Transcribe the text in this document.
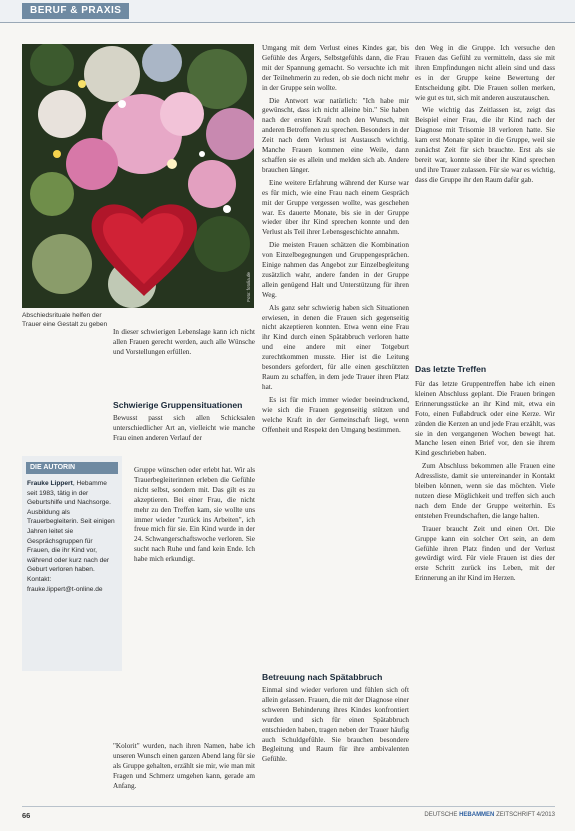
BERUF & PRAXIS
Foto: fotolia.de
Abschiedsrituale helfen der Trauer eine Gestalt zu geben

In dieser schwierigen Lebenslage kann ich nicht allen Frauen gerecht werden, auch alle Wünsche und Vorstellungen erfüllen.

Schwierige Gruppensituationen

Bewusst passt sich allen Schicksalen unterschiedlicher Art an, vielleicht wie manche Frau einen anderen Verlauf der

DIE AUTORIN
Frauke Lippert, Hebamme seit 1983, tätig in der Geburtshilfe und Nachsorge. Ausbildung als Trauerbegleiterin. Seit einigen Jahren leitet sie Gesprächsgruppen für Frauen, die ihr Kind vor, während oder kurz nach der Geburt verloren haben.
Kontakt:
frauke.lippert@t-online.de

Gruppe wünschen oder erlebt hat. Wir als Trauerbegleiterinnen erleben die Gefühle nicht selbst, sondern mit. Das gilt es zu akzeptieren. Bei einer Frau, die nicht mehr zu den Treffen kam, sie wollte uns immer wieder "zurück ins Arbeiten", ich freue mich für sie. Ein Kind wurde in der 24. Schwangerschaftswoche verloren. Sie sucht nach Ruhe und fand kein Ende. Ich habe mich erkundigt.

"Kolorit" wurden, nach ihren Namen, habe ich unseren Wunsch einen ganzen Abend lang für sie als Gruppe gehalten, erzählt sie mir, wie man mit Fragen und Schmerz umgehen kann, gerade am Anfang.

Umgang mit dem Verlust eines Kindes gar, bis Gefühle des Ärgers, Selbstgefühls dann, die Frau mit der Spannung gemacht. So versuchte ich mit der Teilnehmerin zu reden, ob sie doch nicht mehr in der Gruppe sein wollte.

Die Antwort war natürlich: "Ich habe mir gewünscht, dass ich nicht alleine bin." Sie haben nach der ersten Kraft noch den Wunsch, mit anderen Betroffenen zu sprechen. Besonders in der Zeit nach dem Verlust ist Austausch wichtig. Manche Frauen kommen eine Weile, dann schaffen sie es allein und melden sich ab. Andere brauchen länger.

Eine weitere Erfahrung während der Kurse war es für mich, wie eine Frau nach einem Gespräch mit der Gruppe vergessen wollte, was geschehen war. Es dauerte Monate, bis sie in der Gruppe wieder über ihr Kind sprechen konnte und den Verlust als Teil ihrer Lebensgeschichte annahm.

Die meisten Frauen schätzen die Kombination von Einzelbegegnungen und Gruppengesprächen. Einige nahmen das Angebot zur Einzelbegleitung zusätzlich wahr, andere fanden in der Gruppe allein genügend Halt und Unterstützung für ihren Weg.

Als ganz sehr schwierig haben sich Situationen erwiesen, in denen die Frauen sich gegenseitig nicht akzeptieren konnten. Etwa wenn eine Frau ihr Kind durch einen Spätabbruch verloren hatte und eine andere mit einer Totgeburt zurechtkommen musste. Hier ist die Leitung besonders gefordert, für alle einen geschützten Raum zu schaffen, in dem jede Trauer ihren Platz hat.

Es ist für mich immer wieder beeindruckend, wie sich die Frauen gegenseitig stützen und welche Kraft in der Gemeinschaft liegt, wenn Offenheit und Respekt den Umgang bestimmen.

Betreuung nach Spätabbruch

Einmal sind wieder verloren und fühlen sich oft allein gelassen. Frauen, die mit der Diagnose einer schweren Behinderung ihres Kindes konfrontiert wurden und sich für einen Spätabbruch entschieden haben, tragen neben der Trauer häufig auch Schuldgefühle. Sie brauchen besondere Begleitung und Raum für ihre ambivalenten Gefühle.

den Weg in die Gruppe. Ich versuche den Frauen das Gefühl zu vermitteln, dass sie mit ihren Empfindungen nicht allein sind und dass es in der Gruppe keine Bewertung der Entscheidung gibt. Die Frauen sollen merken, wie gut es tut, sich mit anderen auszutauschen.

Wie wichtig das Zeitlassen ist, zeigt das Beispiel einer Frau, die ihr Kind nach der Diagnose mit Trisomie 18 verloren hatte. Sie kam erst Monate später in die Gruppe, weil sie zunächst Zeit für sich brauchte. Erst als sie bereit war, konnte sie über ihr Kind sprechen und ihre Trauer zulassen. Für sie war es wichtig, dass die Gruppe ihr den Raum dafür gab.

Das letzte Treffen

Für das letzte Gruppentreffen habe ich einen kleinen Abschluss geplant. Die Frauen bringen Erinnerungsstücke an ihr Kind mit, etwa ein Foto, einen Fußabdruck oder eine Kerze. Wir zünden die Kerzen an und jede Frau erzählt, was sie in den vergangenen Wochen bewegt hat. Manche lesen einen Brief vor, den sie ihrem Kind geschrieben haben.

Zum Abschluss bekommen alle Frauen eine Adressliste, damit sie untereinander in Kontakt bleiben können, wenn sie das möchten. Viele nutzen diese Möglichkeit und treffen sich auch nach dem Ende der Gruppe weiterhin. Es entstehen Freundschaften, die lange halten.

Trauer braucht Zeit und einen Ort. Die Gruppe kann ein solcher Ort sein, an dem Gefühle ihren Platz finden und der Verlust gewürdigt wird. Für viele Frauen ist dies der erste Schritt zurück ins Leben, mit der Erinnerung an ihr Kind im Herzen.

66	DEUTSCHE HEBAMMEN ZEITSCHRIFT 4/2013
